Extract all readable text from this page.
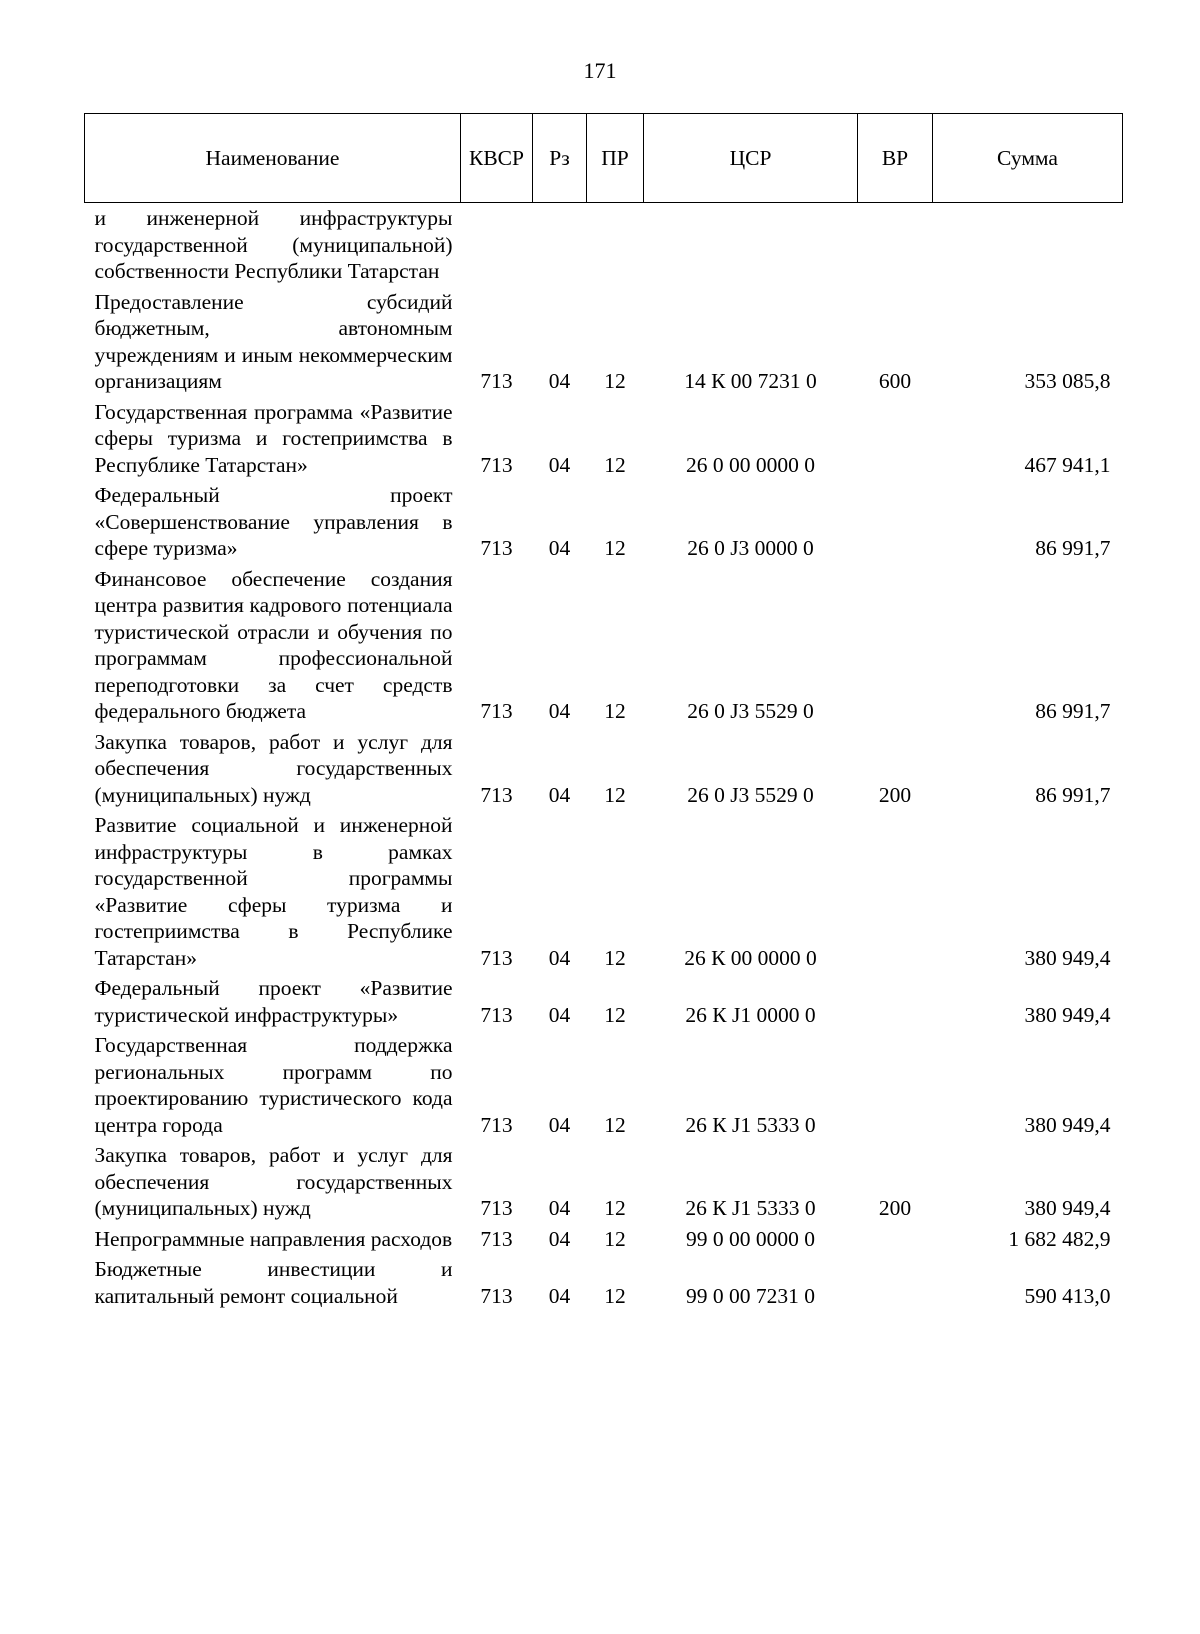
171
Наименование	КВСР	Рз	ПР	ЦСР	ВР	Сумма
и инженерной инфраструктуры государственной (муниципальной) собственности Республики Татарстан						
Предоставление субсидий бюджетным, автономным учреждениям и иным некоммерческим организациям	713	04	12	14 К 00 7231 0	600	353 085,8
Государственная программа «Развитие сферы туризма и гостеприимства в Республике Татарстан»	713	04	12	26 0 00 0000 0		467 941,1
Федеральный проект «Совершенствование управления в сфере туризма»	713	04	12	26 0 J3 0000 0		86 991,7
Финансовое обеспечение создания центра развития кадрового потенциала туристической отрасли и обучения по программам профессиональной переподготовки за счет средств федерального бюджета	713	04	12	26 0 J3 5529 0		86 991,7
Закупка товаров, работ и услуг для обеспечения государственных (муниципальных) нужд	713	04	12	26 0 J3 5529 0	200	86 991,7
Развитие социальной и инженерной инфраструктуры в рамках государственной программы «Развитие сферы туризма и гостеприимства в Республике Татарстан»	713	04	12	26 К 00 0000 0		380 949,4
Федеральный проект «Развитие туристической инфраструктуры»	713	04	12	26 К J1 0000 0		380 949,4
Государственная поддержка региональных программ по проектированию туристического кода центра города	713	04	12	26 К J1 5333 0		380 949,4
Закупка товаров, работ и услуг для обеспечения государственных (муниципальных) нужд	713	04	12	26 К J1 5333 0	200	380 949,4
Непрограммные направления расходов	713	04	12	99 0 00 0000 0		1 682 482,9
Бюджетные инвестиции и капитальный ремонт социальной	713	04	12	99 0 00 7231 0		590 413,0
